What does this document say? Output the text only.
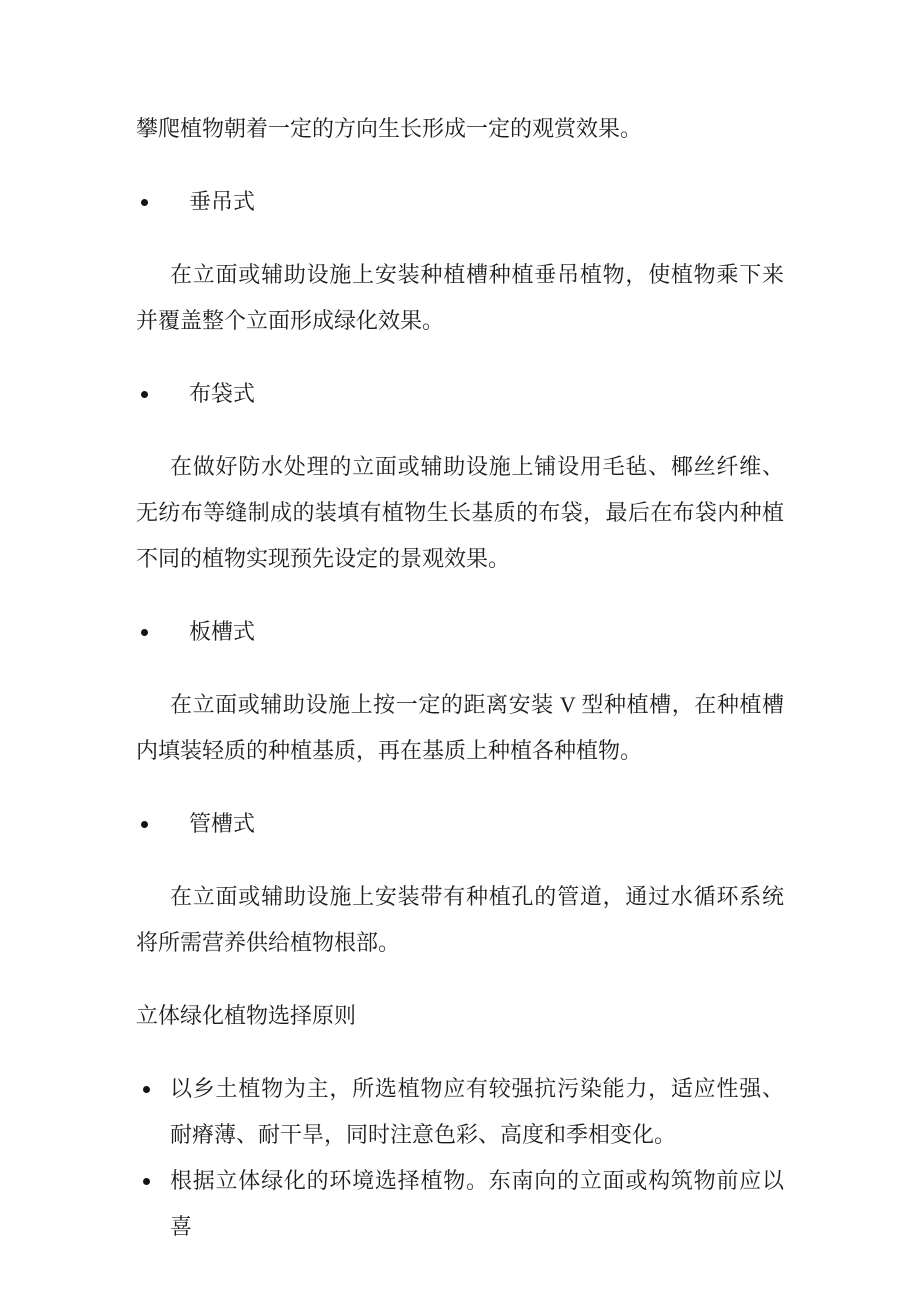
攀爬植物朝着一定的方向生长形成一定的观赏效果。

垂吊式

在立面或辅助设施上安装种植槽种植垂吊植物，使植物乘下来并覆盖整个立面形成绿化效果。

布袋式

在做好防水处理的立面或辅助设施上铺设用毛毡、椰丝纤维、无纺布等缝制成的装填有植物生长基质的布袋，最后在布袋内种植不同的植物实现预先设定的景观效果。

板槽式

在立面或辅助设施上按一定的距离安装 V 型种植槽，在种植槽内填装轻质的种植基质，再在基质上种植各种植物。

管槽式

在立面或辅助设施上安装带有种植孔的管道，通过水循环系统将所需营养供给植物根部。

立体绿化植物选择原则

以乡土植物为主，所选植物应有较强抗污染能力，适应性强、耐瘠薄、耐干旱，同时注意色彩、高度和季相变化。
根据立体绿化的环境选择植物。东南向的立面或构筑物前应以喜
